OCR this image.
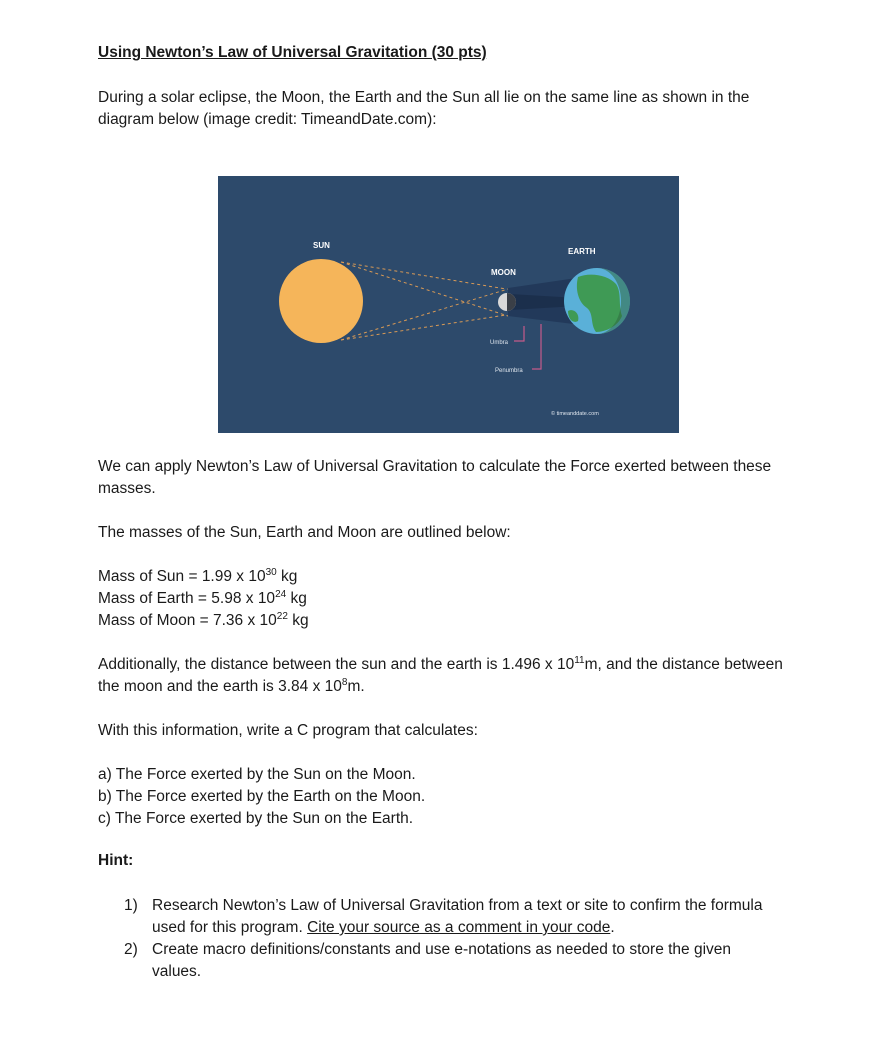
Using Newton’s Law of Universal Gravitation (30 pts)

During a solar eclipse, the Moon, the Earth and the Sun all lie on the same line as shown in the diagram below (image credit: TimeandDate.com):

SUN
MOON
EARTH
Umbra
Penumbra
© timeanddate.com

We can apply Newton’s Law of Universal Gravitation to calculate the Force exerted between these masses.

The masses of the Sun, Earth and Moon are outlined below:

Mass of Sun = 1.99 x $10^{30}$ kg
Mass of Earth = 5.98 x $10^{24}$ kg
Mass of Moon = 7.36 x $10^{22}$ kg

Additionally, the distance between the sun and the earth is 1.496 x $10^{11}m$, and the distance between the moon and the earth is 3.84 x $10^8m$.

With this information, write a C program that calculates:

a) The Force exerted by the Sun on the Moon.
b) The Force exerted by the Earth on the Moon.
c) The Force exerted by the Sun on the Earth.

Hint:

1) Research Newton’s Law of Universal Gravitation from a text or site to confirm the formula used for this program. Cite your source as a comment in your code.
2) Create macro definitions/constants and use e-notations as needed to store the given values.
